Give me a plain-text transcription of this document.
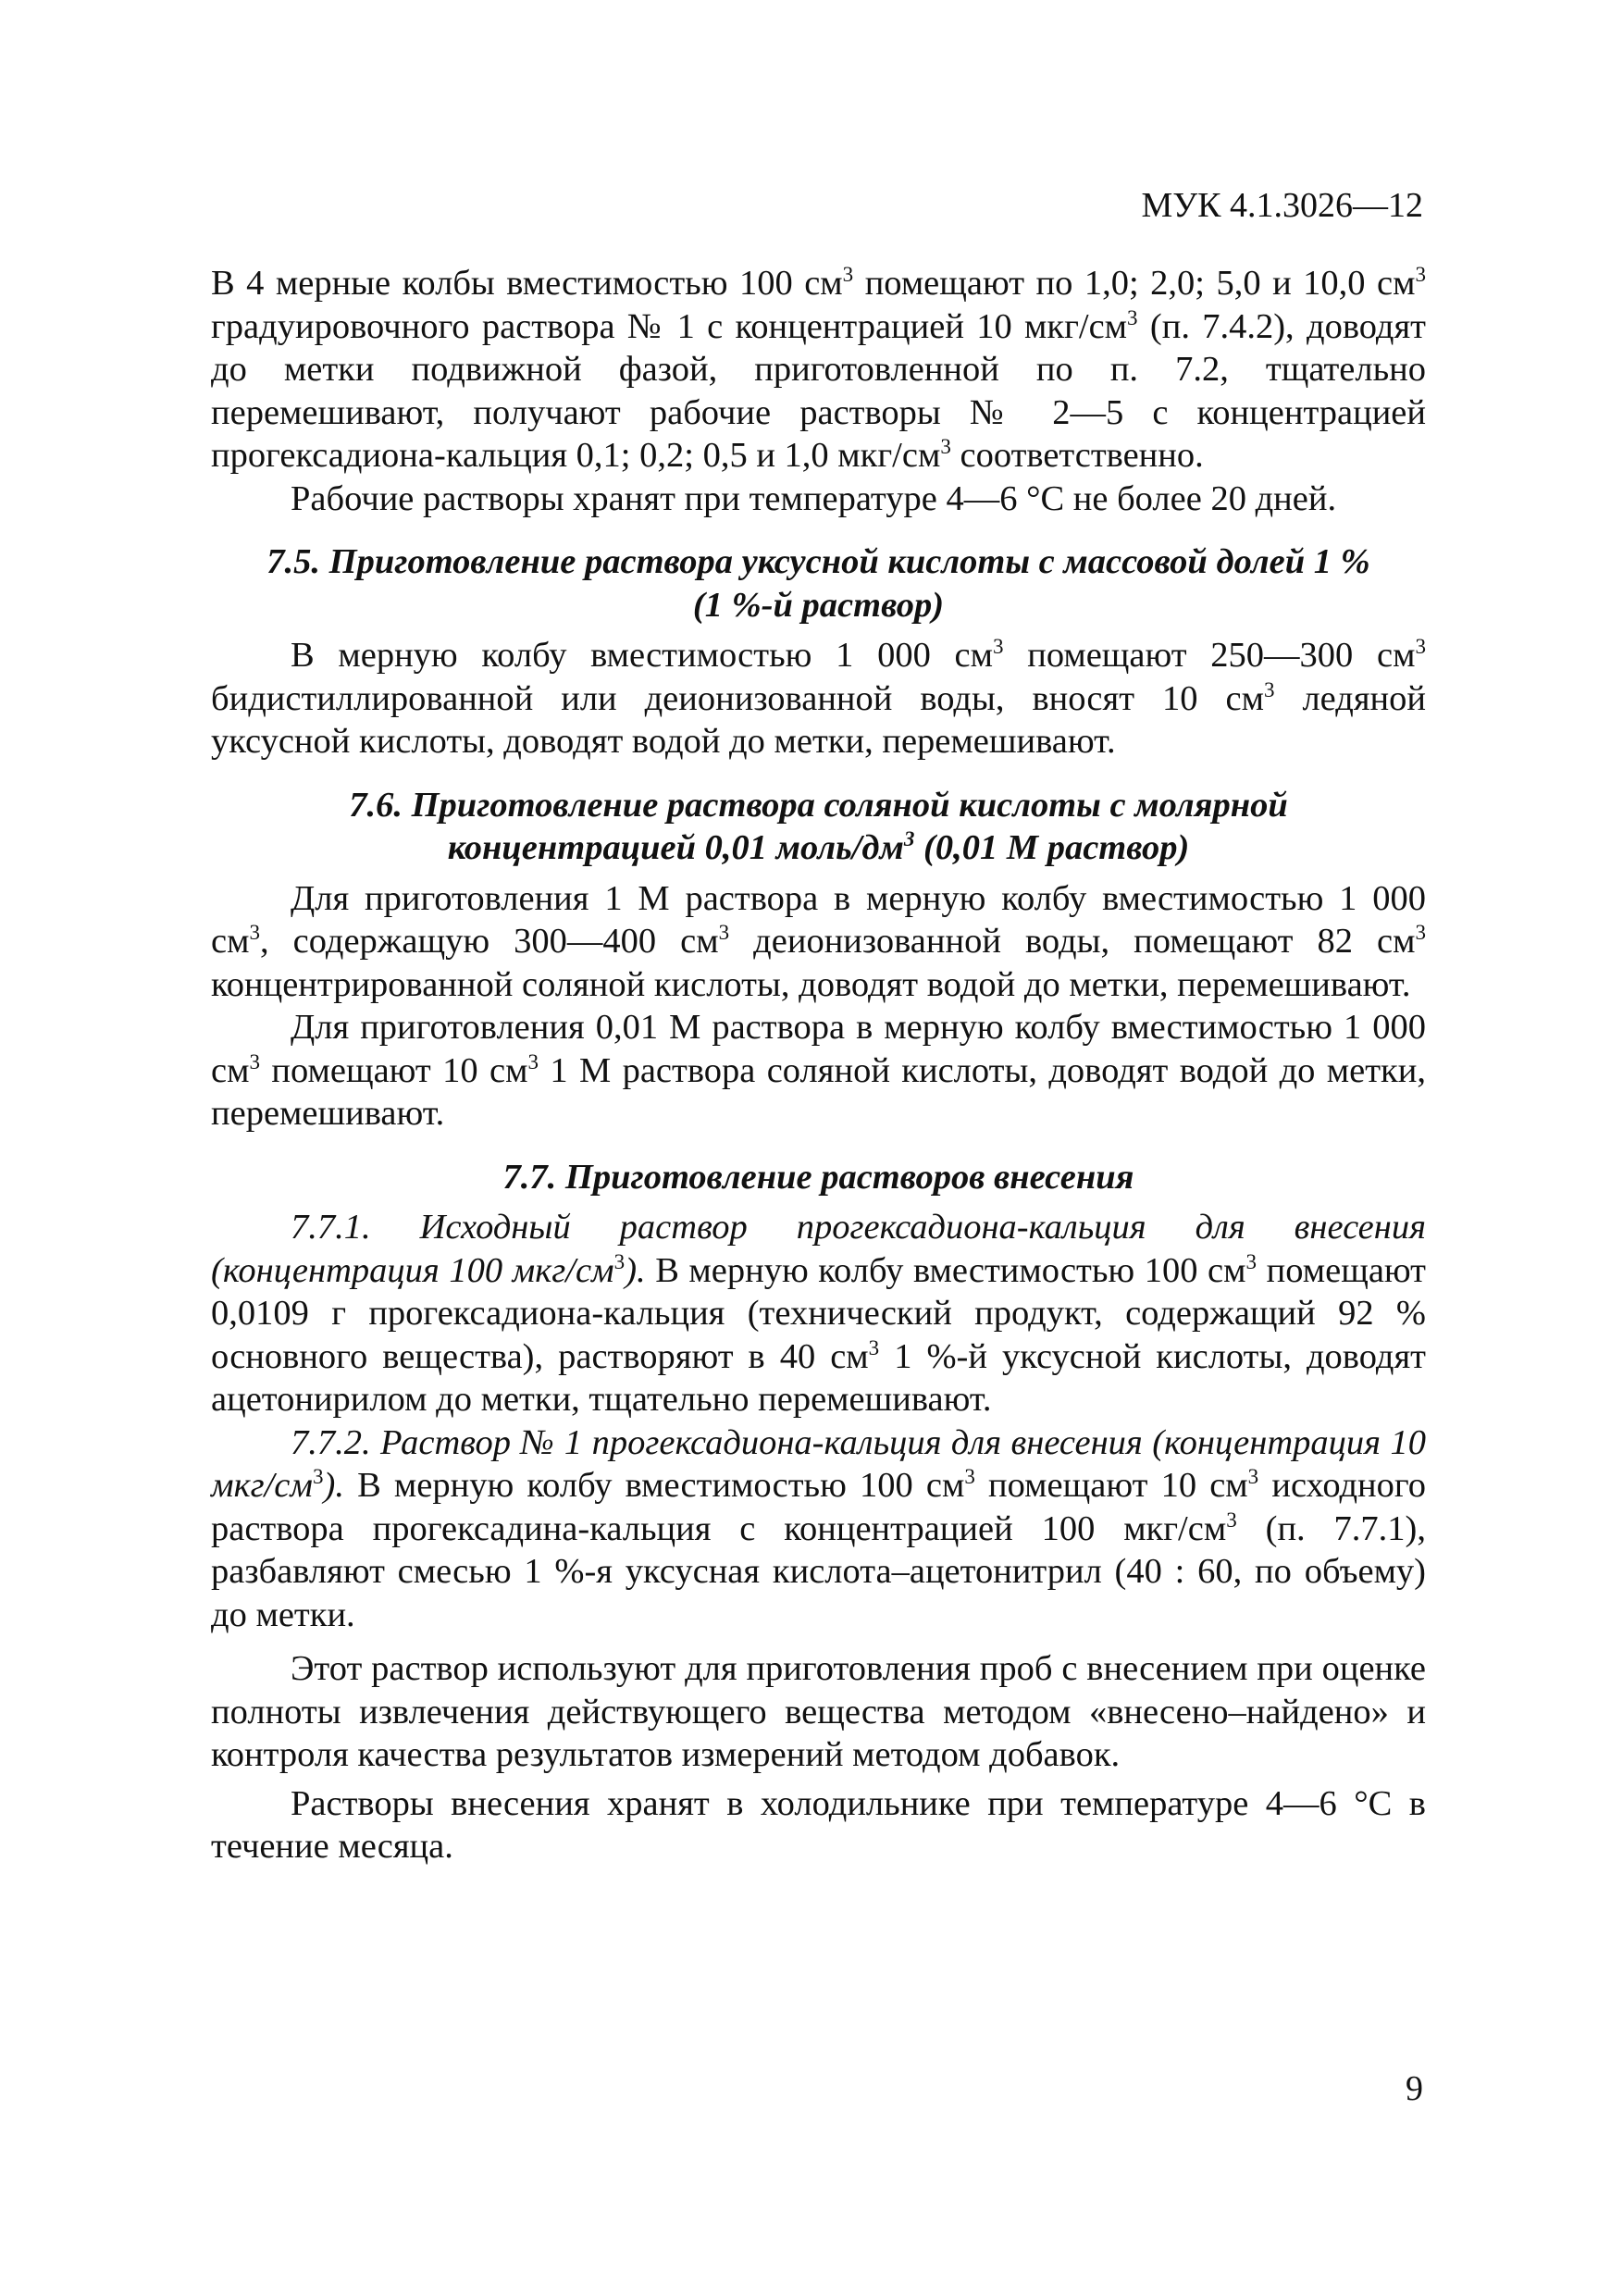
МУК 4.1.3026—12

В 4 мерные колбы вместимостью 100 $см^3$ помещают по 1,0; 2,0; 5,0 и 10,0 $см^3$ градуировочного раствора № 1 с концентрацией 10 мкг/$см^3$ (п. 7.4.2), доводят до метки подвижной фазой, приготовленной по п. 7.2, тщательно перемешивают, получают рабочие растворы № 2—5 с концентрацией прогексадиона-кальция 0,1; 0,2; 0,5 и 1,0 мкг/$см^3$ соответственно.

Рабочие растворы хранят при температуре 4—6 °С не более 20 дней.

7.5. Приготовление раствора уксусной кислоты с массовой долей 1 % (1 %-й раствор)

В мерную колбу вместимостью 1 000 $см^3$ помещают 250—300 $см^3$ бидистиллированной или деионизованной воды, вносят 10 $см^3$ ледяной уксусной кислоты, доводят водой до метки, перемешивают.

7.6. Приготовление раствора соляной кислоты с молярной концентрацией 0,01 моль/$дм^3$ (0,01 М раствор)

Для приготовления 1 М раствора в мерную колбу вместимостью 1 000 $см^3$, содержащую 300—400 $см^3$ деионизованной воды, помещают 82 $см^3$ концентрированной соляной кислоты, доводят водой до метки, перемешивают.

Для приготовления 0,01 М раствора в мерную колбу вместимостью 1 000 $см^3$ помещают 10 $см^3$ 1 М раствора соляной кислоты, доводят водой до метки, перемешивают.

7.7. Приготовление растворов внесения

7.7.1. Исходный раствор прогексадиона-кальция для внесения (концентрация 100 мкг/$см^3$). В мерную колбу вместимостью 100 $см^3$ помещают 0,0109 г прогексадиона-кальция (технический продукт, содержащий 92 % основного вещества), растворяют в 40 $см^3$ 1 %-й уксусной кислоты, доводят ацетонирилом до метки, тщательно перемешивают.

7.7.2. Раствор № 1 прогексадиона-кальция для внесения (концентрация 10 мкг/$см^3$). В мерную колбу вместимостью 100 $см^3$ помещают 10 $см^3$ исходного раствора прогексадина-кальция с концентрацией 100 мкг/$см^3$ (п. 7.7.1), разбавляют смесью 1 %-я уксусная кислота–ацетонитрил (40 : 60, по объему) до метки.

Этот раствор используют для приготовления проб с внесением при оценке полноты извлечения действующего вещества методом «внесено–найдено» и контроля качества результатов измерений методом добавок.

Растворы внесения хранят в холодильнике при температуре 4—6 °С в течение месяца.

9
